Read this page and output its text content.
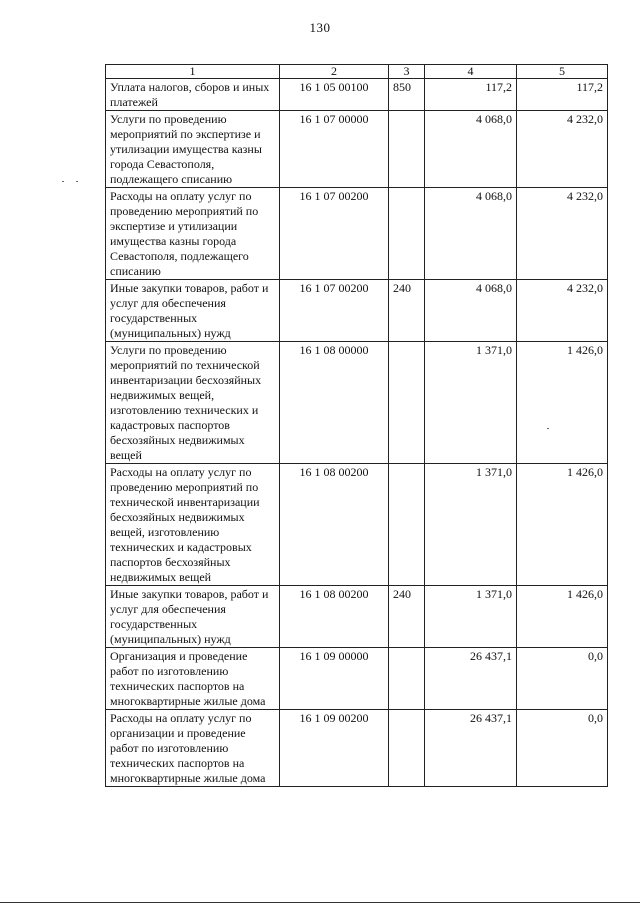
130
1	2	3	4	5
Уплата налогов, сборов и иных платежей	16 1 05 00100	850	117,2	117,2
Услуги по проведению мероприятий по экспертизе и утилизации имущества казны города Севастополя, подлежащего списанию	16 1 07 00000		4 068,0	4 232,0
Расходы на оплату услуг по проведению мероприятий по экспертизе и утилизации имущества казны города Севастополя, подлежащего списанию	16 1 07 00200		4 068,0	4 232,0
Иные закупки товаров, работ и услуг для обеспечения государственных (муниципальных) нужд	16 1 07 00200	240	4 068,0	4 232,0
Услуги по проведению мероприятий по технической инвентаризации бесхозяйных недвижимых вещей, изготовлению технических и кадастровых паспортов бесхозяйных недвижимых вещей	16 1 08 00000		1 371,0	1 426,0
Расходы на оплату услуг по проведению мероприятий по технической инвентаризации бесхозяйных недвижимых вещей, изготовлению технических и кадастровых паспортов бесхозяйных недвижимых вещей	16 1 08 00200		1 371,0	1 426,0
Иные закупки товаров, работ и услуг для обеспечения государственных (муниципальных) нужд	16 1 08 00200	240	1 371,0	1 426,0
Организация и проведение работ по изготовлению технических паспортов на многоквартирные жилые дома	16 1 09 00000		26 437,1	0,0
Расходы на оплату услуг по организации и проведение работ по изготовлению технических паспортов на многоквартирные жилые дома	16 1 09 00200		26 437,1	0,0
